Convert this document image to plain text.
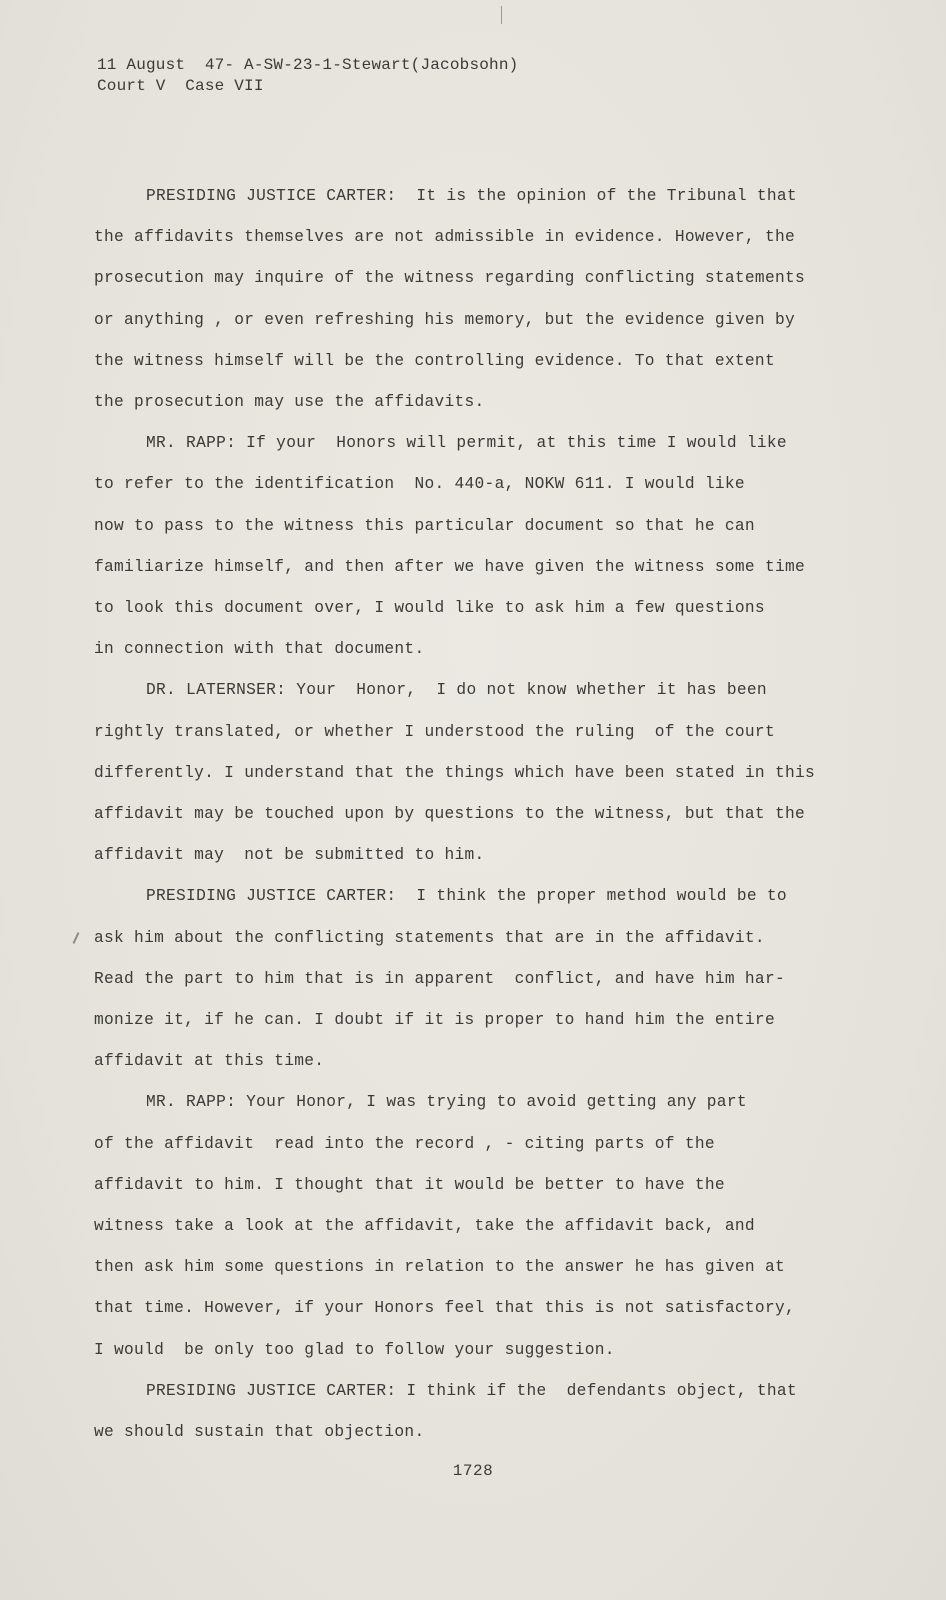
11 August  47- A-SW-23-1-Stewart(Jacobsohn)
Court V  Case VII

PRESIDING JUSTICE CARTER:  It is the opinion of the Tribunal that
the affidavits themselves are not admissible in evidence. However, the
prosecution may inquire of the witness regarding conflicting statements
or anything , or even refreshing his memory, but the evidence given by
the witness himself will be the controlling evidence. To that extent
the prosecution may use the affidavits.

MR. RAPP: If your  Honors will permit, at this time I would like
to refer to the identification  No. 440-a, NOKW 611. I would like
now to pass to the witness this particular document so that he can
familiarize himself, and then after we have given the witness some time
to look this document over, I would like to ask him a few questions
in connection with that document.

DR. LATERNSER: Your  Honor,  I do not know whether it has been
rightly translated, or whether I understood the ruling  of the court
differently. I understand that the things which have been stated in this
affidavit may be touched upon by questions to the witness, but that the
affidavit may  not be submitted to him.

PRESIDING JUSTICE CARTER:  I think the proper method would be to
ask him about the conflicting statements that are in the affidavit.
Read the part to him that is in apparent  conflict, and have him har-
monize it, if he can. I doubt if it is proper to hand him the entire
affidavit at this time.

MR. RAPP: Your Honor, I was trying to avoid getting any part
of the affidavit  read into the record , - citing parts of the
affidavit to him. I thought that it would be better to have the
witness take a look at the affidavit, take the affidavit back, and
then ask him some questions in relation to the answer he has given at
that time. However, if your Honors feel that this is not satisfactory,
I would  be only too glad to follow your suggestion.

PRESIDING JUSTICE CARTER: I think if the  defendants object, that
we should sustain that objection.

1728
